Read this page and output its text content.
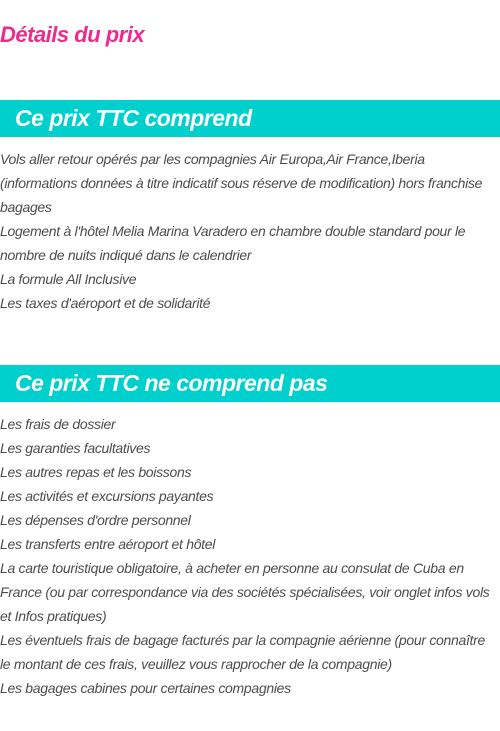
Détails du prix
Ce prix TTC comprend
Vols aller retour opérés par les compagnies Air Europa,Air France,Iberia (informations données à titre indicatif sous réserve de modification) hors franchise bagages
Logement à l'hôtel Melia Marina Varadero en chambre double standard pour le nombre de nuits indiqué dans le calendrier
La formule All Inclusive
Les taxes d'aéroport et de solidarité
Ce prix TTC ne comprend pas
Les frais de dossier
Les garanties facultatives
Les autres repas et les boissons
Les activités et excursions payantes
Les dépenses d'ordre personnel
Les transferts entre aéroport et hôtel
La carte touristique obligatoire, à acheter en personne au consulat de Cuba en France (ou par correspondance via des sociétés spécialisées, voir onglet infos vols et Infos pratiques)
Les éventuels frais de bagage facturés par la compagnie aérienne (pour connaître le montant de ces frais, veuillez vous rapprocher de la compagnie)
Les bagages cabines pour certaines compagnies
